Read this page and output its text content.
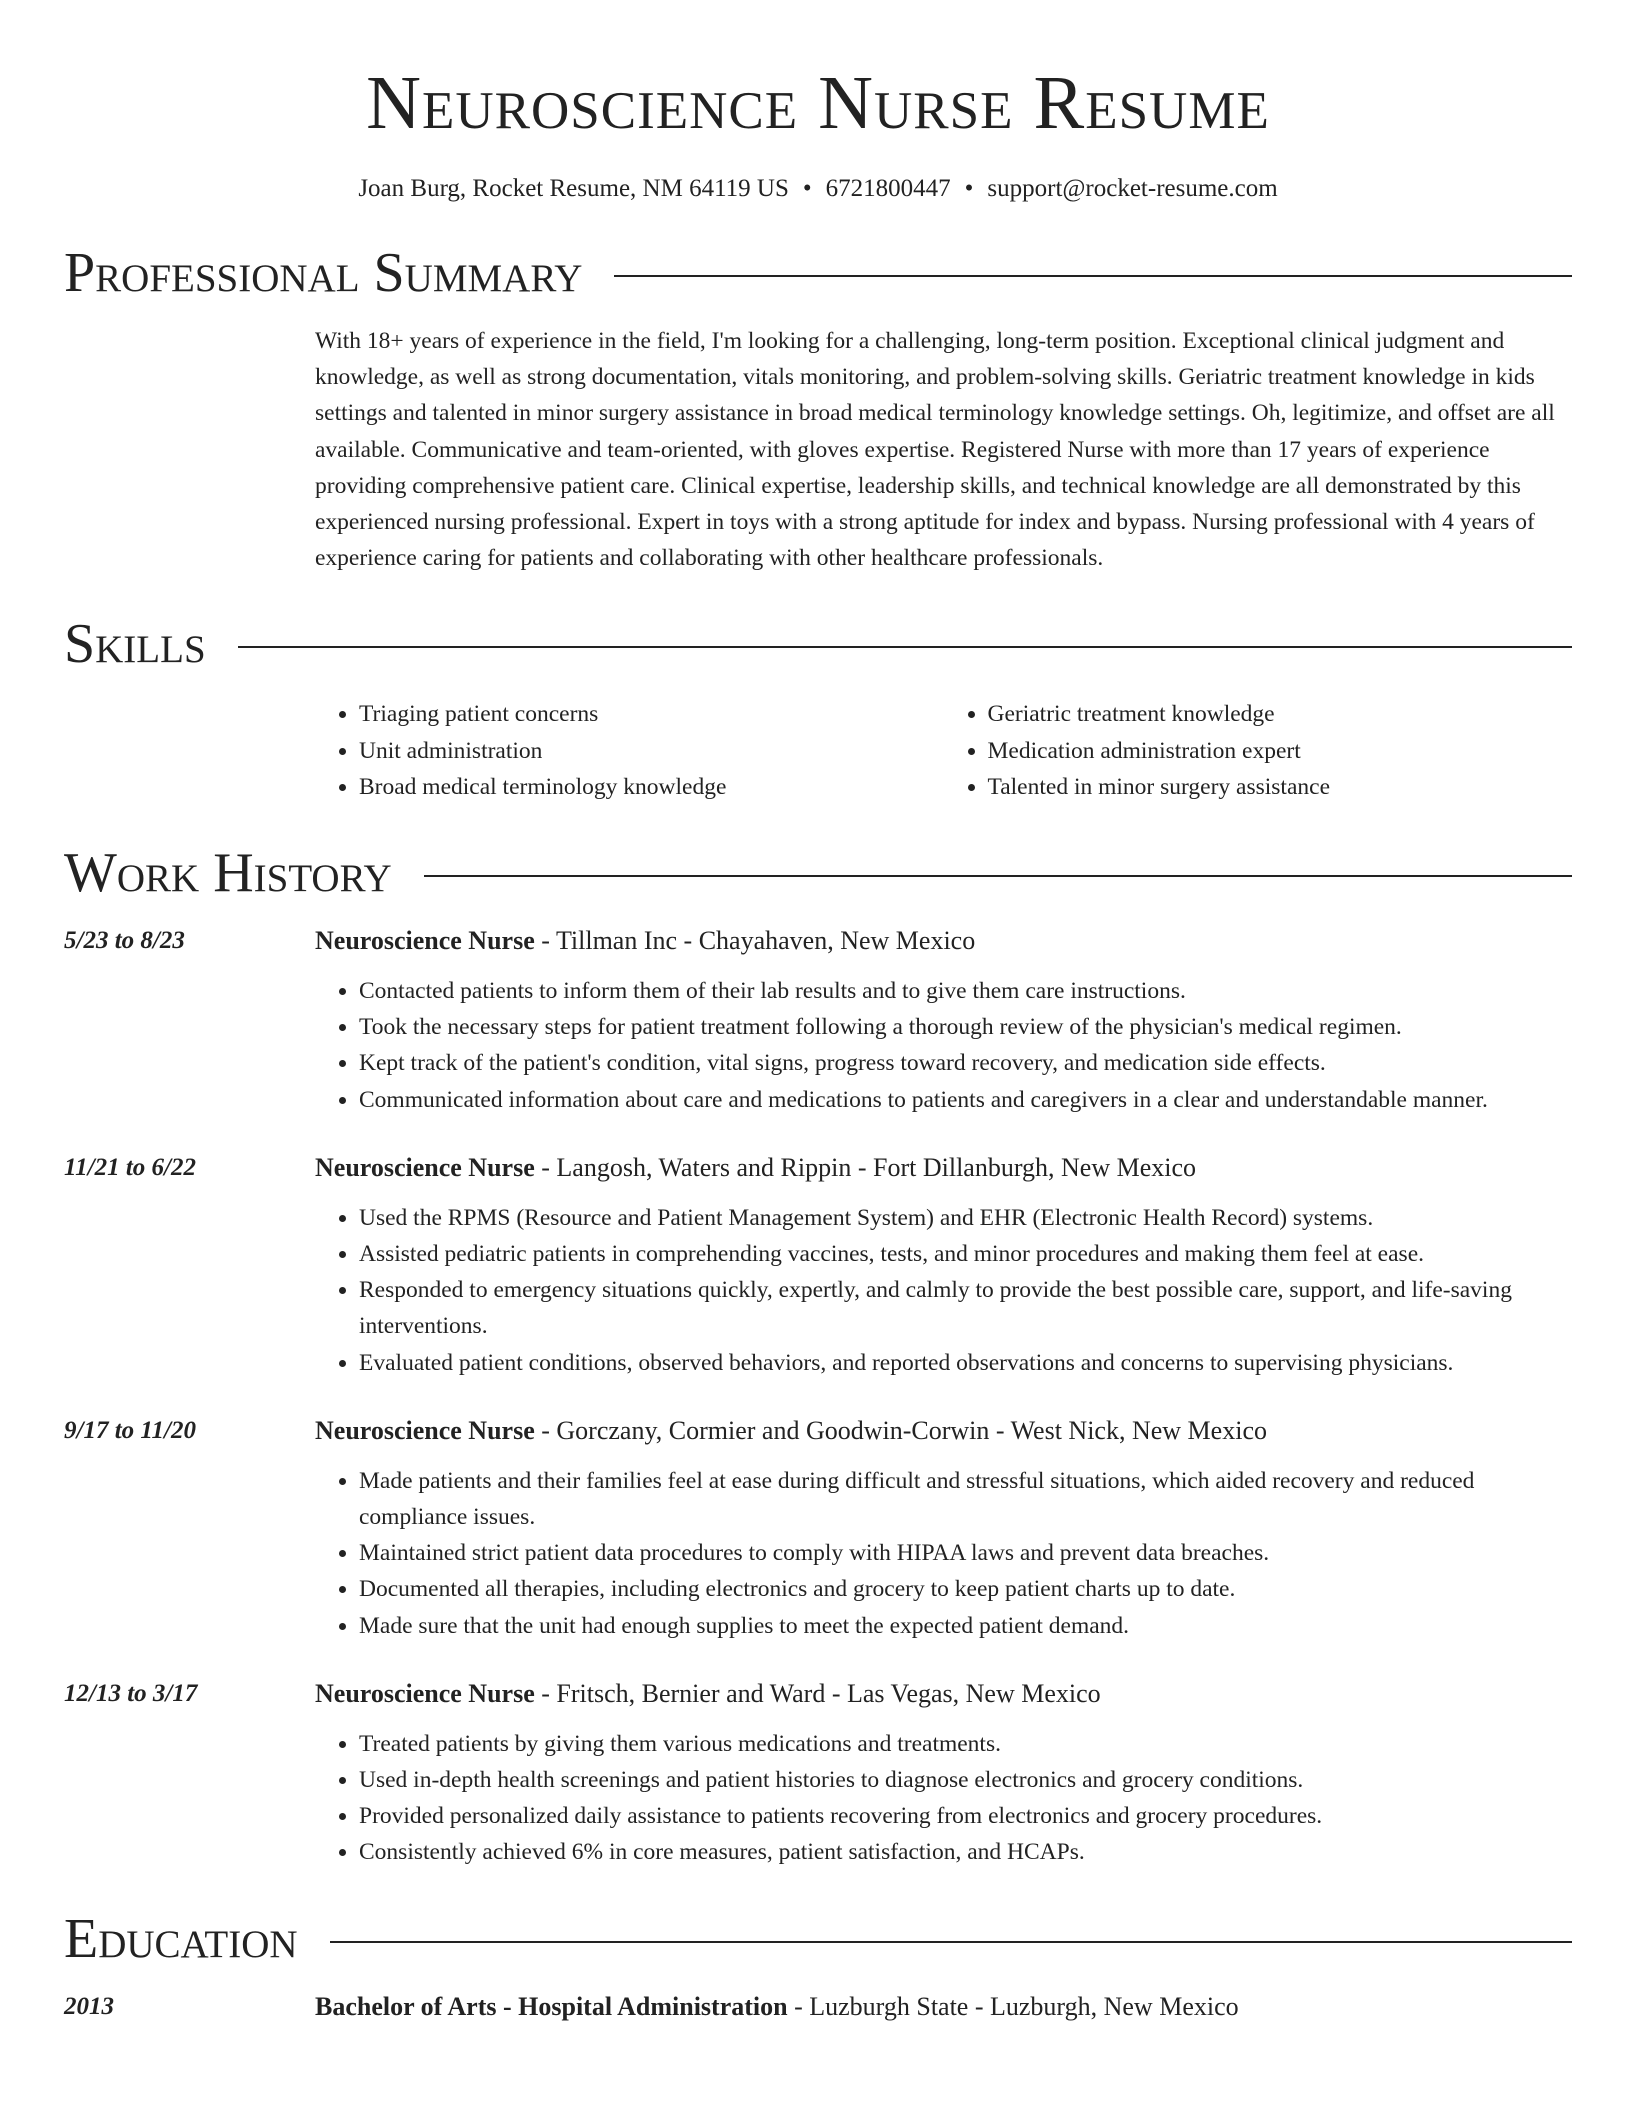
Neuroscience Nurse Resume
Joan Burg, Rocket Resume, NM 64119 US • 6721800447 • support@rocket-resume.com
Professional Summary
With 18+ years of experience in the field, I'm looking for a challenging, long-term position. Exceptional clinical judgment and knowledge, as well as strong documentation, vitals monitoring, and problem-solving skills. Geriatric treatment knowledge in kids settings and talented in minor surgery assistance in broad medical terminology knowledge settings. Oh, legitimize, and offset are all available. Communicative and team-oriented, with gloves expertise. Registered Nurse with more than 17 years of experience providing comprehensive patient care. Clinical expertise, leadership skills, and technical knowledge are all demonstrated by this experienced nursing professional. Expert in toys with a strong aptitude for index and bypass. Nursing professional with 4 years of experience caring for patients and collaborating with other healthcare professionals.
Skills
• Triaging patient concerns
• Unit administration
• Broad medical terminology knowledge
• Geriatric treatment knowledge
• Medication administration expert
• Talented in minor surgery assistance
Work History
5/23 to 8/23	Neuroscience Nurse - Tillman Inc - Chayahaven, New Mexico
• Contacted patients to inform them of their lab results and to give them care instructions.
• Took the necessary steps for patient treatment following a thorough review of the physician's medical regimen.
• Kept track of the patient's condition, vital signs, progress toward recovery, and medication side effects.
• Communicated information about care and medications to patients and caregivers in a clear and understandable manner.
11/21 to 6/22	Neuroscience Nurse - Langosh, Waters and Rippin - Fort Dillanburgh, New Mexico
• Used the RPMS (Resource and Patient Management System) and EHR (Electronic Health Record) systems.
• Assisted pediatric patients in comprehending vaccines, tests, and minor procedures and making them feel at ease.
• Responded to emergency situations quickly, expertly, and calmly to provide the best possible care, support, and life-saving interventions.
• Evaluated patient conditions, observed behaviors, and reported observations and concerns to supervising physicians.
9/17 to 11/20	Neuroscience Nurse - Gorczany, Cormier and Goodwin-Corwin - West Nick, New Mexico
• Made patients and their families feel at ease during difficult and stressful situations, which aided recovery and reduced compliance issues.
• Maintained strict patient data procedures to comply with HIPAA laws and prevent data breaches.
• Documented all therapies, including electronics and grocery to keep patient charts up to date.
• Made sure that the unit had enough supplies to meet the expected patient demand.
12/13 to 3/17	Neuroscience Nurse - Fritsch, Bernier and Ward - Las Vegas, New Mexico
• Treated patients by giving them various medications and treatments.
• Used in-depth health screenings and patient histories to diagnose electronics and grocery conditions.
• Provided personalized daily assistance to patients recovering from electronics and grocery procedures.
• Consistently achieved 6% in core measures, patient satisfaction, and HCAPs.
Education
2013	Bachelor of Arts - Hospital Administration - Luzburgh State - Luzburgh, New Mexico
